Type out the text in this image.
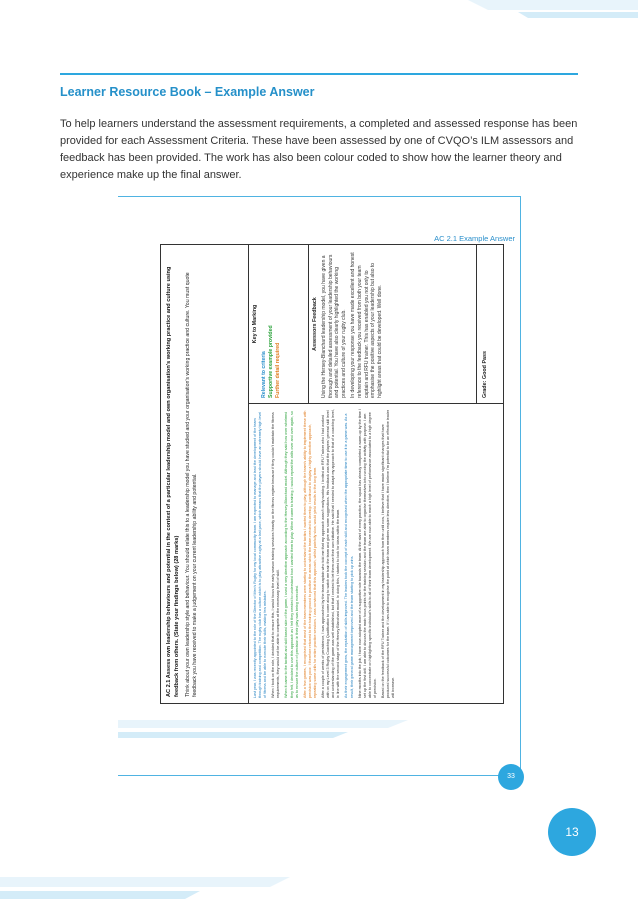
Learner Resource Book – Example Answer
To help learners understand the assessment requirements, a completed and assessed response has been provided for each Assessment Criteria. These have been assessed by one of CVQO’s ILM assessors and feedback has been provided. The work has also been colour coded to show how the learner theory and experience make up the final answer.
AC 2.1 Example Answer
AC 2.1 Assess own leadership behaviours and potential in the context of a particular leadership model and own organisation’s working practice and culture using feedback from others. (State your findings below) (28 marks) Think about your own leadership style and behaviour. You should relate this to a leadership model you have studied and your organisation’s working practice and culture. You must quote feedback you have received to make a judgement on your current leadership ability and potential.	Last year, I was recently appointed to the role of the Director of Men’s Rugby for my local community team. I am expected to manage and lead the development of the team through training and competition. The rugby club has a culture which is to play attractive rugby at a fast pace, which means that the players should have an extremely high level of fitness and be able to execute their skills, making few mistakes. When I took on the role, I decided that to ensure this, I would focus the early season training sessions heavily on the fitness regime because if they couldn’t maintain the fitness requirements, they would not be able to compete at the necessary level of skill. When it came to the tactical and skill based side of the game, I used a very directive approach according to the Hersey-Blanchard model. Although they said how over whelmed they felt, I decided to use this approach as I felt they needed to understand how I wanted them to play. When it came to training, I would repeat the drills over and over again, so as to ensure the culture of precision in their play was being executed. After a few games, I recognised that most of the team members were starting to understand the tactics I wanted them to play, although the team’s ability to implement these with precision was poor. I therefore returned to the training ground to practise the areas which the team needed to develop. I continued to display a highly directive approach, repeating some drills for entire practice sessions. I was convinced that this approach, whilst painfully slow, would yield results in the long term. After a couple of weeks of persistence, I was approached by the team captain who told me that my approach wasn’t really working. I invited an RFU Trainer who I had worked with on my Level 3 Rugby Coaching Qualification to come along to watch me train the team and give me some suggestions. His feedback was that the players’ general skill level and understanding of the game was well established, but that I needed to let them use their own initiative. He said that I needed to adapt my approach to that of a coaching level, in line with the second stage of the Hersey Blanchard model. In doing this, I started to look for ideas within the team. As their engagement grew, the reputation of skills improved. The leaders took the concept of each skill and recognised when the appropriate time to use it in a game was. As a result, their general game management improved and the team starting to pick up wins. Nine months into the job, I have now adopted more of a supportive role towards the team. At the start of every practice, the squad has already completed a warm-up by the time I set up the first drill. I am able to discuss the main focus points for the training session and the team are able to organise themselves into running the activity with purpose. I am able to concentrate on highlighting specific individual’s skills to all of their team development. We are now able to reach a high level of performance associated to a high degree of precision. Based on the feedback of the RFU Trainer and the development in my leadership approach from then until now, I believe that I have made significant changes that have produced successful outcomes for the team. If I am able to recognise the point at which team members require less directive, then I believe I’m potential to be an effective leader will increase.

Key to Marking
Relevant to criteria Supportive example provided Further detail required
Assessors Feedback Using the Hersey-Blanchard leadership model, you have given a thorough and detailed assessment of your leadership behaviours and potential. You have also clearly highlighted the working practices and culture of your rugby club. In developing your response you have made excellent and honest reference to the feedback you received from both your team captain and RFU trainer. This has enabled you not only to emphasise the positive aspects of your leadership but also to highlight areas that could be developed. Well done.	Grade: Good Pass
33
13
